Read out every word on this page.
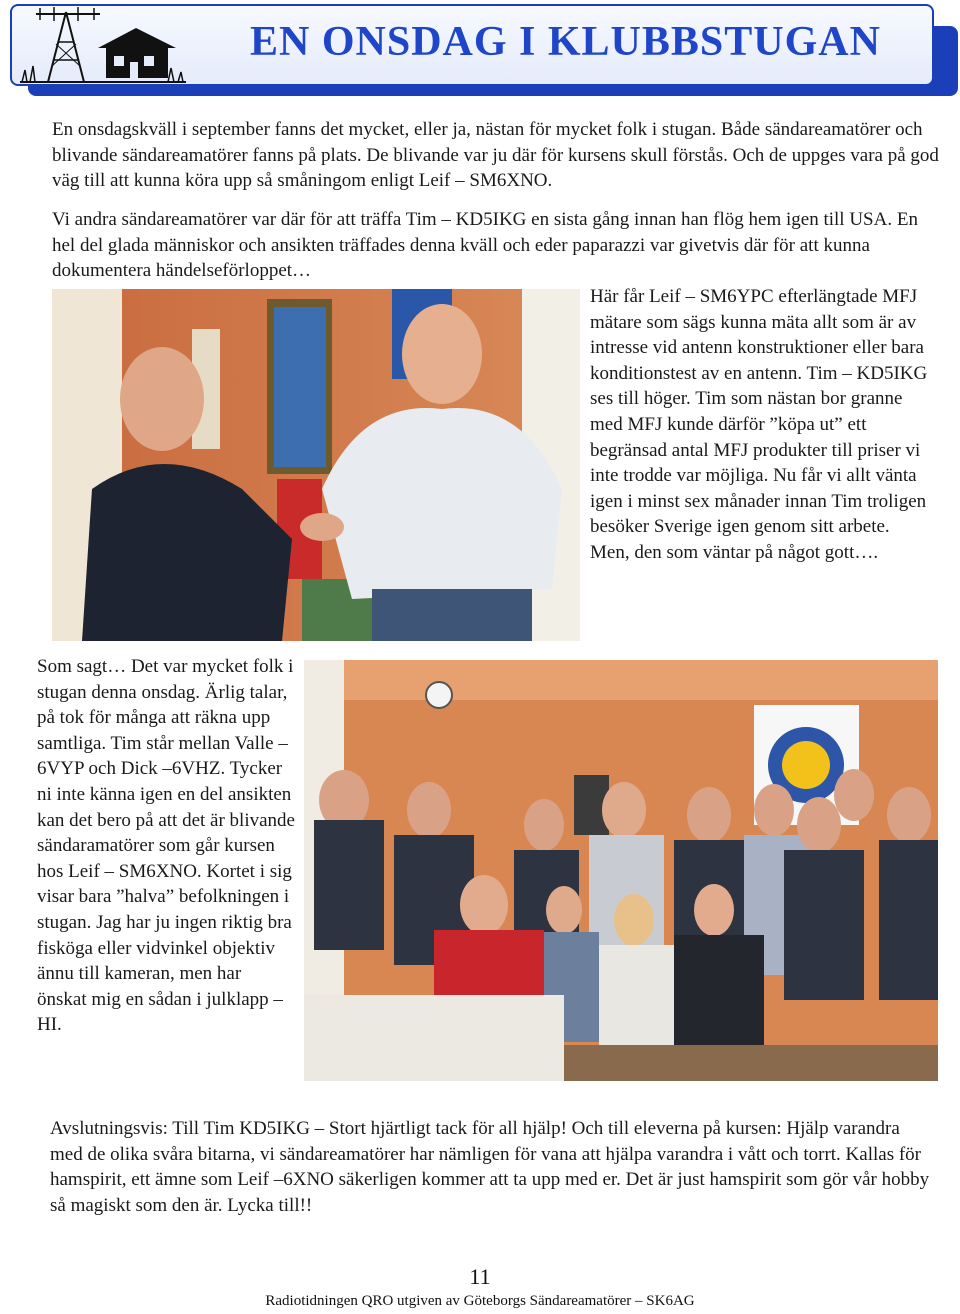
EN ONSDAG I KLUBBSTUGAN

En onsdagskväll i september fanns det mycket, eller ja, nästan för mycket folk i stugan. Både sändareamatörer och blivande sändareamatörer fanns på plats. De blivande var ju där för kursens skull förstås. Och de uppges vara på god väg till att kunna köra upp så småningom enligt Leif – SM6XNO.

Vi andra sändareamatörer var där för att träffa Tim – KD5IKG en sista gång innan han flög hem igen till USA. En hel del glada människor och ansikten träffades denna kväll och eder paparazzi var givetvis där för att kunna dokumentera händelseförloppet…

Här får Leif – SM6YPC efterlängtade MFJ mätare som sägs kunna mäta allt som är av intresse vid antenn konstruktioner eller bara konditionstest av en antenn. Tim – KD5IKG ses till höger. Tim som nästan bor granne med MFJ kunde därför ”köpa ut” ett begränsad antal MFJ produkter till priser vi inte trodde var möjliga. Nu får vi allt vänta igen i minst sex månader innan Tim troligen besöker Sverige igen genom sitt arbete. Men, den som väntar på något gott….

Som sagt… Det var mycket folk i stugan denna onsdag. Ärlig talar, på tok för många att räkna upp samtliga. Tim står mellan Valle –6VYP och Dick –6VHZ. Tycker ni inte känna igen en del ansikten kan det bero på att det är blivande sändaramatörer som går kursen hos Leif – SM6XNO. Kortet i sig visar bara ”halva” befolkningen i stugan. Jag har ju ingen riktig bra fisköga eller vidvinkel objektiv ännu till kameran, men har önskat mig en sådan i julklapp – HI.

Avslutningsvis: Till Tim KD5IKG – Stort hjärtligt tack för all hjälp! Och till eleverna på kursen: Hjälp varandra med de olika svåra bitarna, vi sändareamatörer har nämligen för vana att hjälpa varandra i vått och torrt. Kallas för hamspirit, ett ämne som Leif –6XNO säkerligen kommer att ta upp med er. Det är just hamspirit som gör vår hobby så magiskt som den är. Lycka till!!

11
Radiotidningen QRO utgiven av Göteborgs Sändareamatörer – SK6AG
